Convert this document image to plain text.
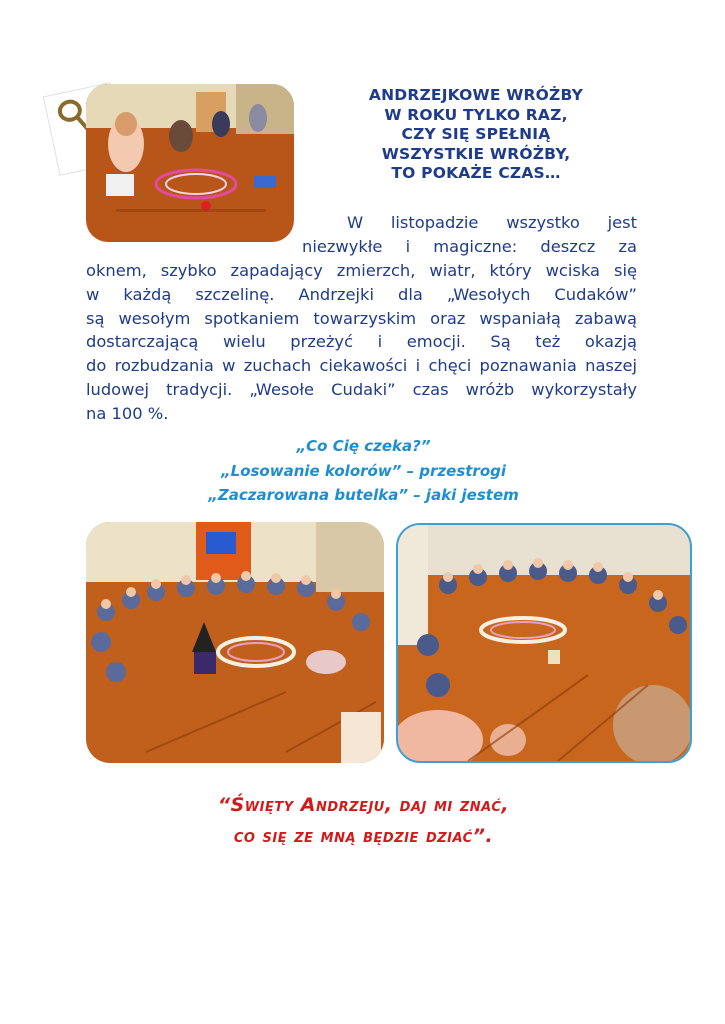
ANDRZEJKOWE WRÓŻBY
W ROKU TYLKO RAZ,
CZY SIĘ SPEŁNIĄ
WSZYSTKIE WRÓŻBY,
TO POKAŻE CZAS…
W listopadzie wszystko jest
niezwykłe i magiczne: deszcz za
oknem, szybko zapadający zmierzch, wiatr, który wciska się
w każdą szczelinę. Andrzejki dla „Wesołych Cudaków”
są wesołym spotkaniem towarzyskim oraz wspaniałą zabawą
dostarczającą wielu przeżyć i emocji. Są też okazją
do rozbudzania w zuchach ciekawości i chęci poznawania naszej
ludowej tradycji. „Wesołe Cudaki” czas wróżb wykorzystały
na 100 %.
„Co Cię czeka?”
„Losowanie kolorów” – przestrogi
„Zaczarowana butelka” – jaki jestem
“Święty Andrzeju, daj mi znać,
co się ze mną będzie dziać”.
